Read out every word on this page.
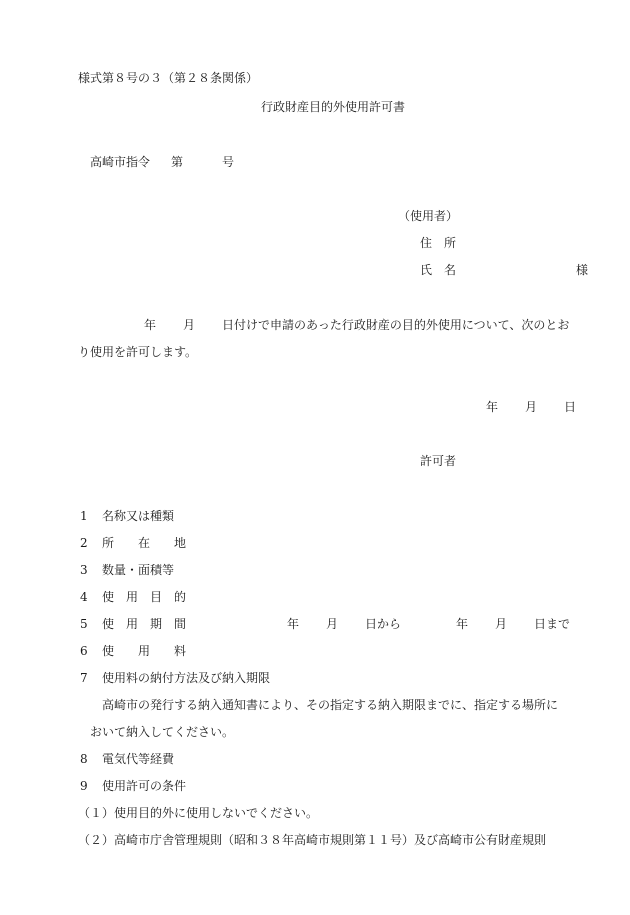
様式第８号の３（第２８条関係）
行政財産目的外使用許可書
高崎市指令 第	号
（使用者）
住　所
氏　名	様
年 月 日付けで申請のあった行政財産の目的外使用について、次のとお
り使用を許可します。
年 月 日
許可者
1 名称又は種類
2 所　　在　　地
3 数量・面積等
4 使　用　目　的
5 使　用　期　間	年 月 日から	年 月 日まで
6 使　　用　　料
7 使用料の納付方法及び納入期限
高崎市の発行する納入通知書により、その指定する納入期限までに、指定する場所に
おいて納入してください。
8 電気代等経費
9 使用許可の条件
（１）使用目的外に使用しないでください。
（２）高崎市庁舎管理規則（昭和３８年高崎市規則第１１号）及び高崎市公有財産規則
